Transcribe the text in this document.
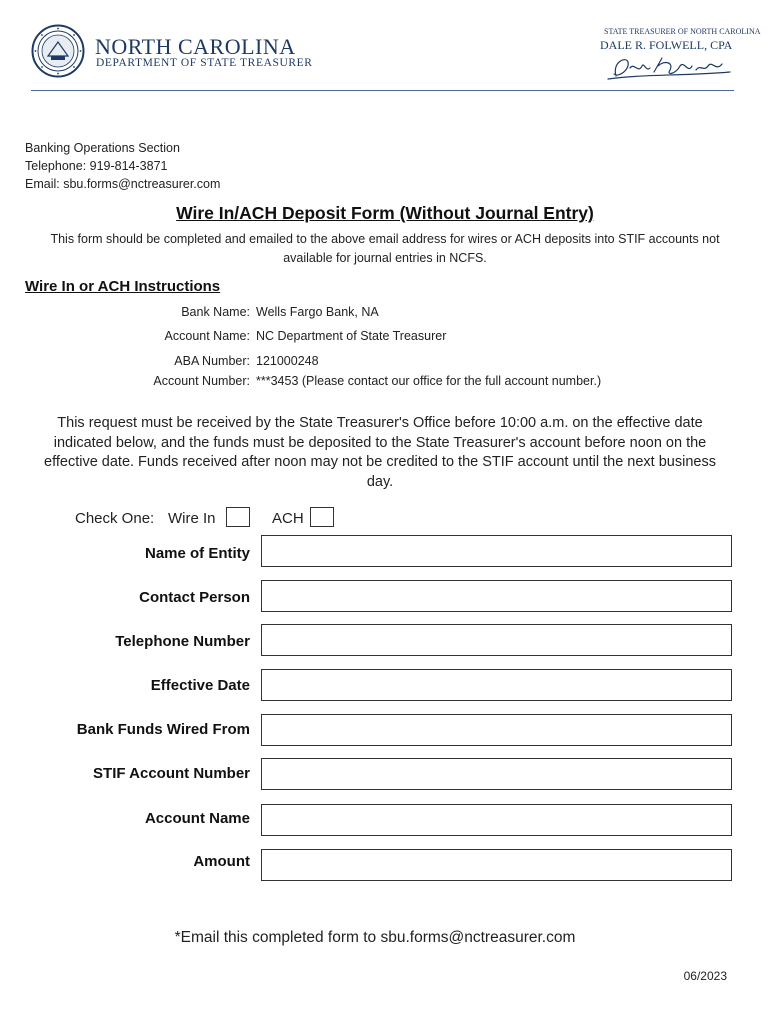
NORTH CAROLINA
DEPARTMENT OF STATE TREASURER
STATE TREASURER OF NORTH CAROLINA
DALE R. FOLWELL, CPA
Banking Operations Section
Telephone: 919-814-3871
Email: sbu.forms@nctreasurer.com
Wire In/ACH Deposit Form (Without Journal Entry)
This form should be completed and emailed to the above email address for wires or ACH deposits into STIF accounts not available for journal entries in NCFS.
Wire In or ACH Instructions
Bank Name: Wells Fargo Bank, NA
Account Name: NC Department of State Treasurer
ABA Number: 121000248
Account Number: ***3453 (Please contact our office for the full account number.)
This request must be received by the State Treasurer's Office before 10:00 a.m. on the effective date indicated below, and the funds must be deposited to the State Treasurer's account before noon on the effective date. Funds received after noon may not be credited to the STIF account until the next business day.
Check One: Wire In	ACH
Name of Entity
Contact Person
Telephone Number
Effective Date
Bank Funds Wired From
STIF Account Number
Account Name
Amount
*Email this completed form to sbu.forms@nctreasurer.com
06/2023
